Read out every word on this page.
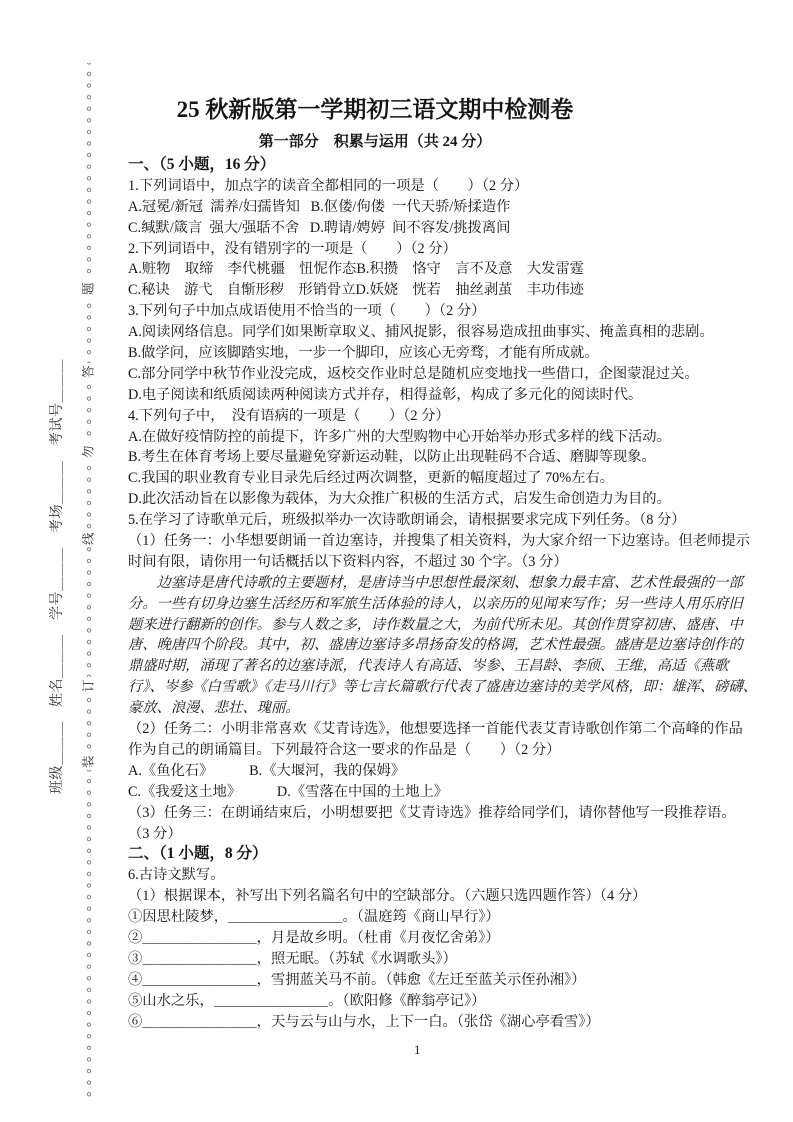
装
订
线
勿
答
题
班级＿＿＿　姓名＿＿＿　学号＿＿＿　考场＿＿＿　考试号＿＿＿
25 秋新版第一学期初三语文期中检测卷
第一部分　积累与运用（共 24 分）
一、（5 小题，16 分）
1.下列词语中，加点字的读音全都相同的一项是（　　）（2 分）
A.冠冕/新冠  濡养/妇孺皆知   B.伛偻/佝偻  一代天骄/矫揉造作
C.缄默/箴言  强大/强聒不舍   D.聘请/娉婷  间不容发/挑拨离间
2.下列词语中，没有错别字的一项是（　　）（2 分）
A.赃物　取缔　李代桃疆　忸怩作态B.积攒　恪守　言不及意　大发雷霆
C.秘诀　游弋　自惭形秽　形销骨立D.妖娆　恍若　抽丝剥茧　丰功伟迹
3.下列句子中加点成语使用不恰当的一项（　　）（2 分）
A.阅读网络信息。同学们如果断章取义、捕风捉影，很容易造成扭曲事实、掩盖真相的悲剧。
B.做学问，应该脚踏实地，一步一个脚印，应该心无旁骛，才能有所成就。
C.部分同学中秋节作业没完成，返校交作业时总是随机应变地找一些借口，企图蒙混过关。
D.电子阅读和纸质阅读两种阅读方式并存，相得益彰，构成了多元化的阅读时代。
4.下列句子中，　没有语病的一项是（　　）（2 分）
A.在做好疫情防控的前提下，许多广州的大型购物中心开始举办形式多样的线下活动。
B.考生在体育考场上要尽量避免穿新运动鞋，以防止出现鞋码不合适、磨脚等现象。
C.我国的职业教育专业目录先后经过两次调整，更新的幅度超过了 70%左右。
D.此次活动旨在以影像为载体，为大众推广积极的生活方式，启发生命创造力为目的。
5.在学习了诗歌单元后，班级拟举办一次诗歌朗诵会，请根据要求完成下列任务。（8 分）
（1）任务一：小华想要朗诵一首边塞诗，并搜集了相关资料，为大家介绍一下边塞诗。但老师提示
时间有限，请你用一句话概括以下资料内容，不超过 30 个字。（3 分）
　　边塞诗是唐代诗歌的主要题材，是唐诗当中思想性最深刻、想象力最丰富、艺术性最强的一部
分。一些有切身边塞生活经历和军旅生活体验的诗人，以亲历的见闻来写作；另一些诗人用乐府旧
题来进行翻新的创作。参与人数之多，诗作数量之大，为前代所未见。其创作贯穿初唐、盛唐、中
唐、晚唐四个阶段。其中，初、盛唐边塞诗多昂扬奋发的格调，艺术性最强。盛唐是边塞诗创作的
鼎盛时期，涌现了著名的边塞诗派，代表诗人有高适、岑参、王昌龄、李颀、王维，高适《燕歌
行》、岑参《白雪歌》《走马川行》等七言长篇歌行代表了盛唐边塞诗的美学风格，即：雄浑、磅礴、
豪放、浪漫、悲壮、瑰丽。
（2）任务二：小明非常喜欢《艾青诗选》，他想要选择一首能代表艾青诗歌创作第二个高峰的作品
作为自己的朗诵篇目。下列最符合这一要求的作品是（　　）（2 分）
A.《鱼化石》　　　B.《大堰河，我的保姆》
C.《我爱这土地》　　　D.《雪落在中国的土地上》
（3）任务三：在朗诵结束后，小明想要把《艾青诗选》推荐给同学们，请你替他写一段推荐语。
（3 分）
二、（1 小题，8 分）
6.古诗文默写。
（1）根据课本，补写出下列名篇名句中的空缺部分。（六题只选四题作答）（4 分）
①因思杜陵梦，＿＿＿＿＿＿＿＿。（温庭筠《商山早行》）
②＿＿＿＿＿＿＿＿，月是故乡明。（杜甫《月夜忆舍弟》）
③＿＿＿＿＿＿＿＿，照无眠。（苏轼《水调歌头》）
④＿＿＿＿＿＿＿＿，雪拥蓝关马不前。（韩愈《左迁至蓝关示侄孙湘》）
⑤山水之乐，＿＿＿＿＿＿＿＿。（欧阳修《醉翁亭记》）
⑥＿＿＿＿＿＿＿＿，天与云与山与水，上下一白。（张岱《湖心亭看雪》）
1
